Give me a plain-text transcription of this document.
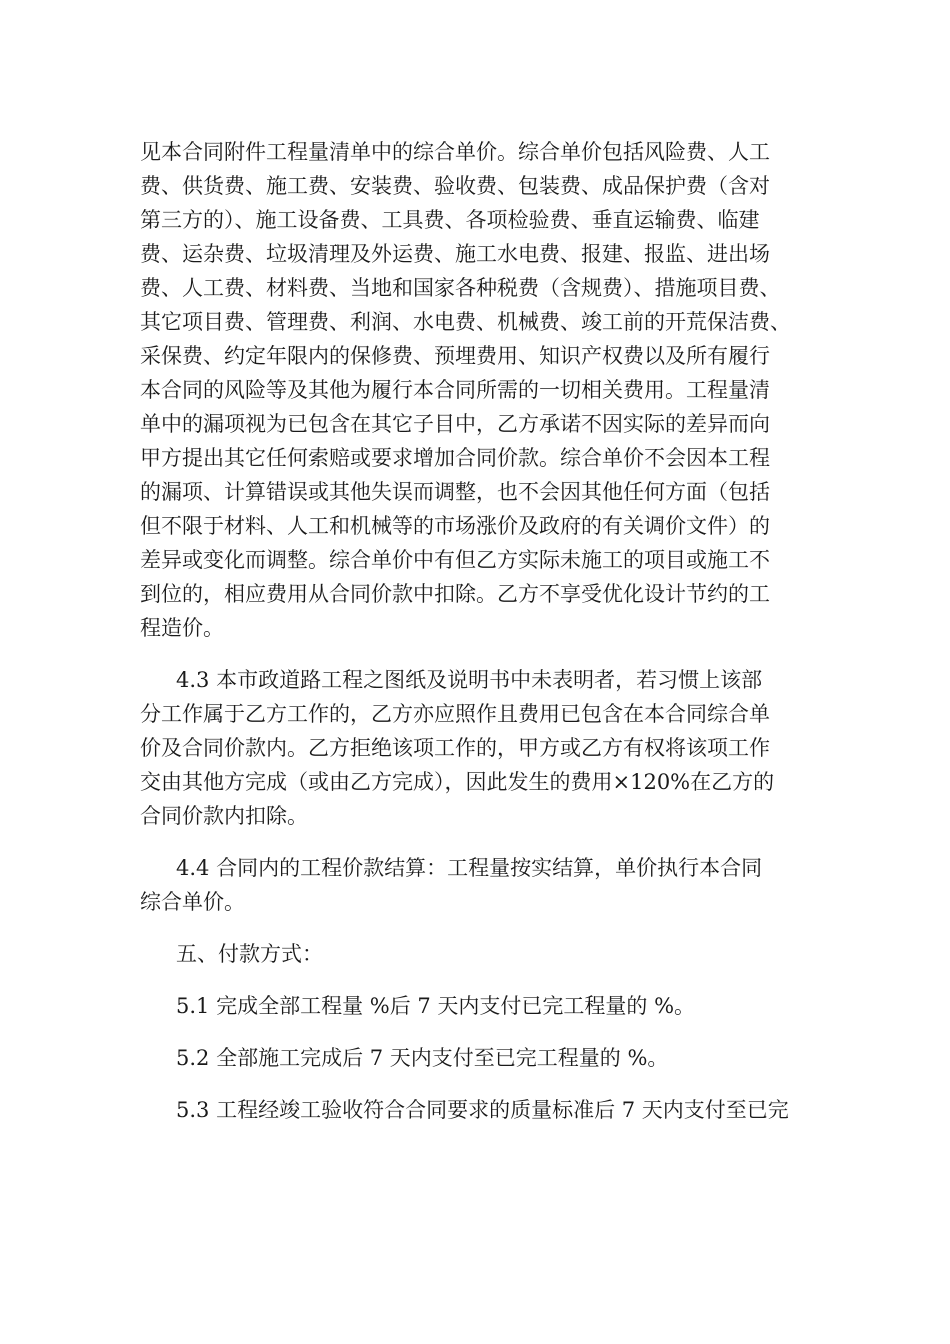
见本合同附件工程量清单中的综合单价。综合单价包括风险费、人工
费、供货费、施工费、安装费、验收费、包装费、成品保护费（含对
第三方的）、施工设备费、工具费、各项检验费、垂直运输费、临建
费、运杂费、垃圾清理及外运费、施工水电费、报建、报监、进出场
费、人工费、材料费、当地和国家各种税费（含规费）、措施项目费、
其它项目费、管理费、利润、水电费、机械费、竣工前的开荒保洁费、
采保费、约定年限内的保修费、预埋费用、知识产权费以及所有履行
本合同的风险等及其他为履行本合同所需的一切相关费用。工程量清
单中的漏项视为已包含在其它子目中，乙方承诺不因实际的差异而向
甲方提出其它任何索赔或要求增加合同价款。综合单价不会因本工程
的漏项、计算错误或其他失误而调整，也不会因其他任何方面（包括
但不限于材料、人工和机械等的市场涨价及政府的有关调价文件）的
差异或变化而调整。综合单价中有但乙方实际未施工的项目或施工不
到位的，相应费用从合同价款中扣除。乙方不享受优化设计节约的工
程造价。
4.3 本市政道路工程之图纸及说明书中未表明者，若习惯上该部
分工作属于乙方工作的，乙方亦应照作且费用已包含在本合同综合单
价及合同价款内。乙方拒绝该项工作的，甲方或乙方有权将该项工作
交由其他方完成（或由乙方完成），因此发生的费用×120%在乙方的
合同价款内扣除。
4.4 合同内的工程价款结算：工程量按实结算，单价执行本合同
综合单价。
五、付款方式：
5.1 完成全部工程量 %后 7 天内支付已完工程量的 %。
5.2 全部施工完成后 7 天内支付至已完工程量的 %。
5.3 工程经竣工验收符合合同要求的质量标准后 7 天内支付至已完
